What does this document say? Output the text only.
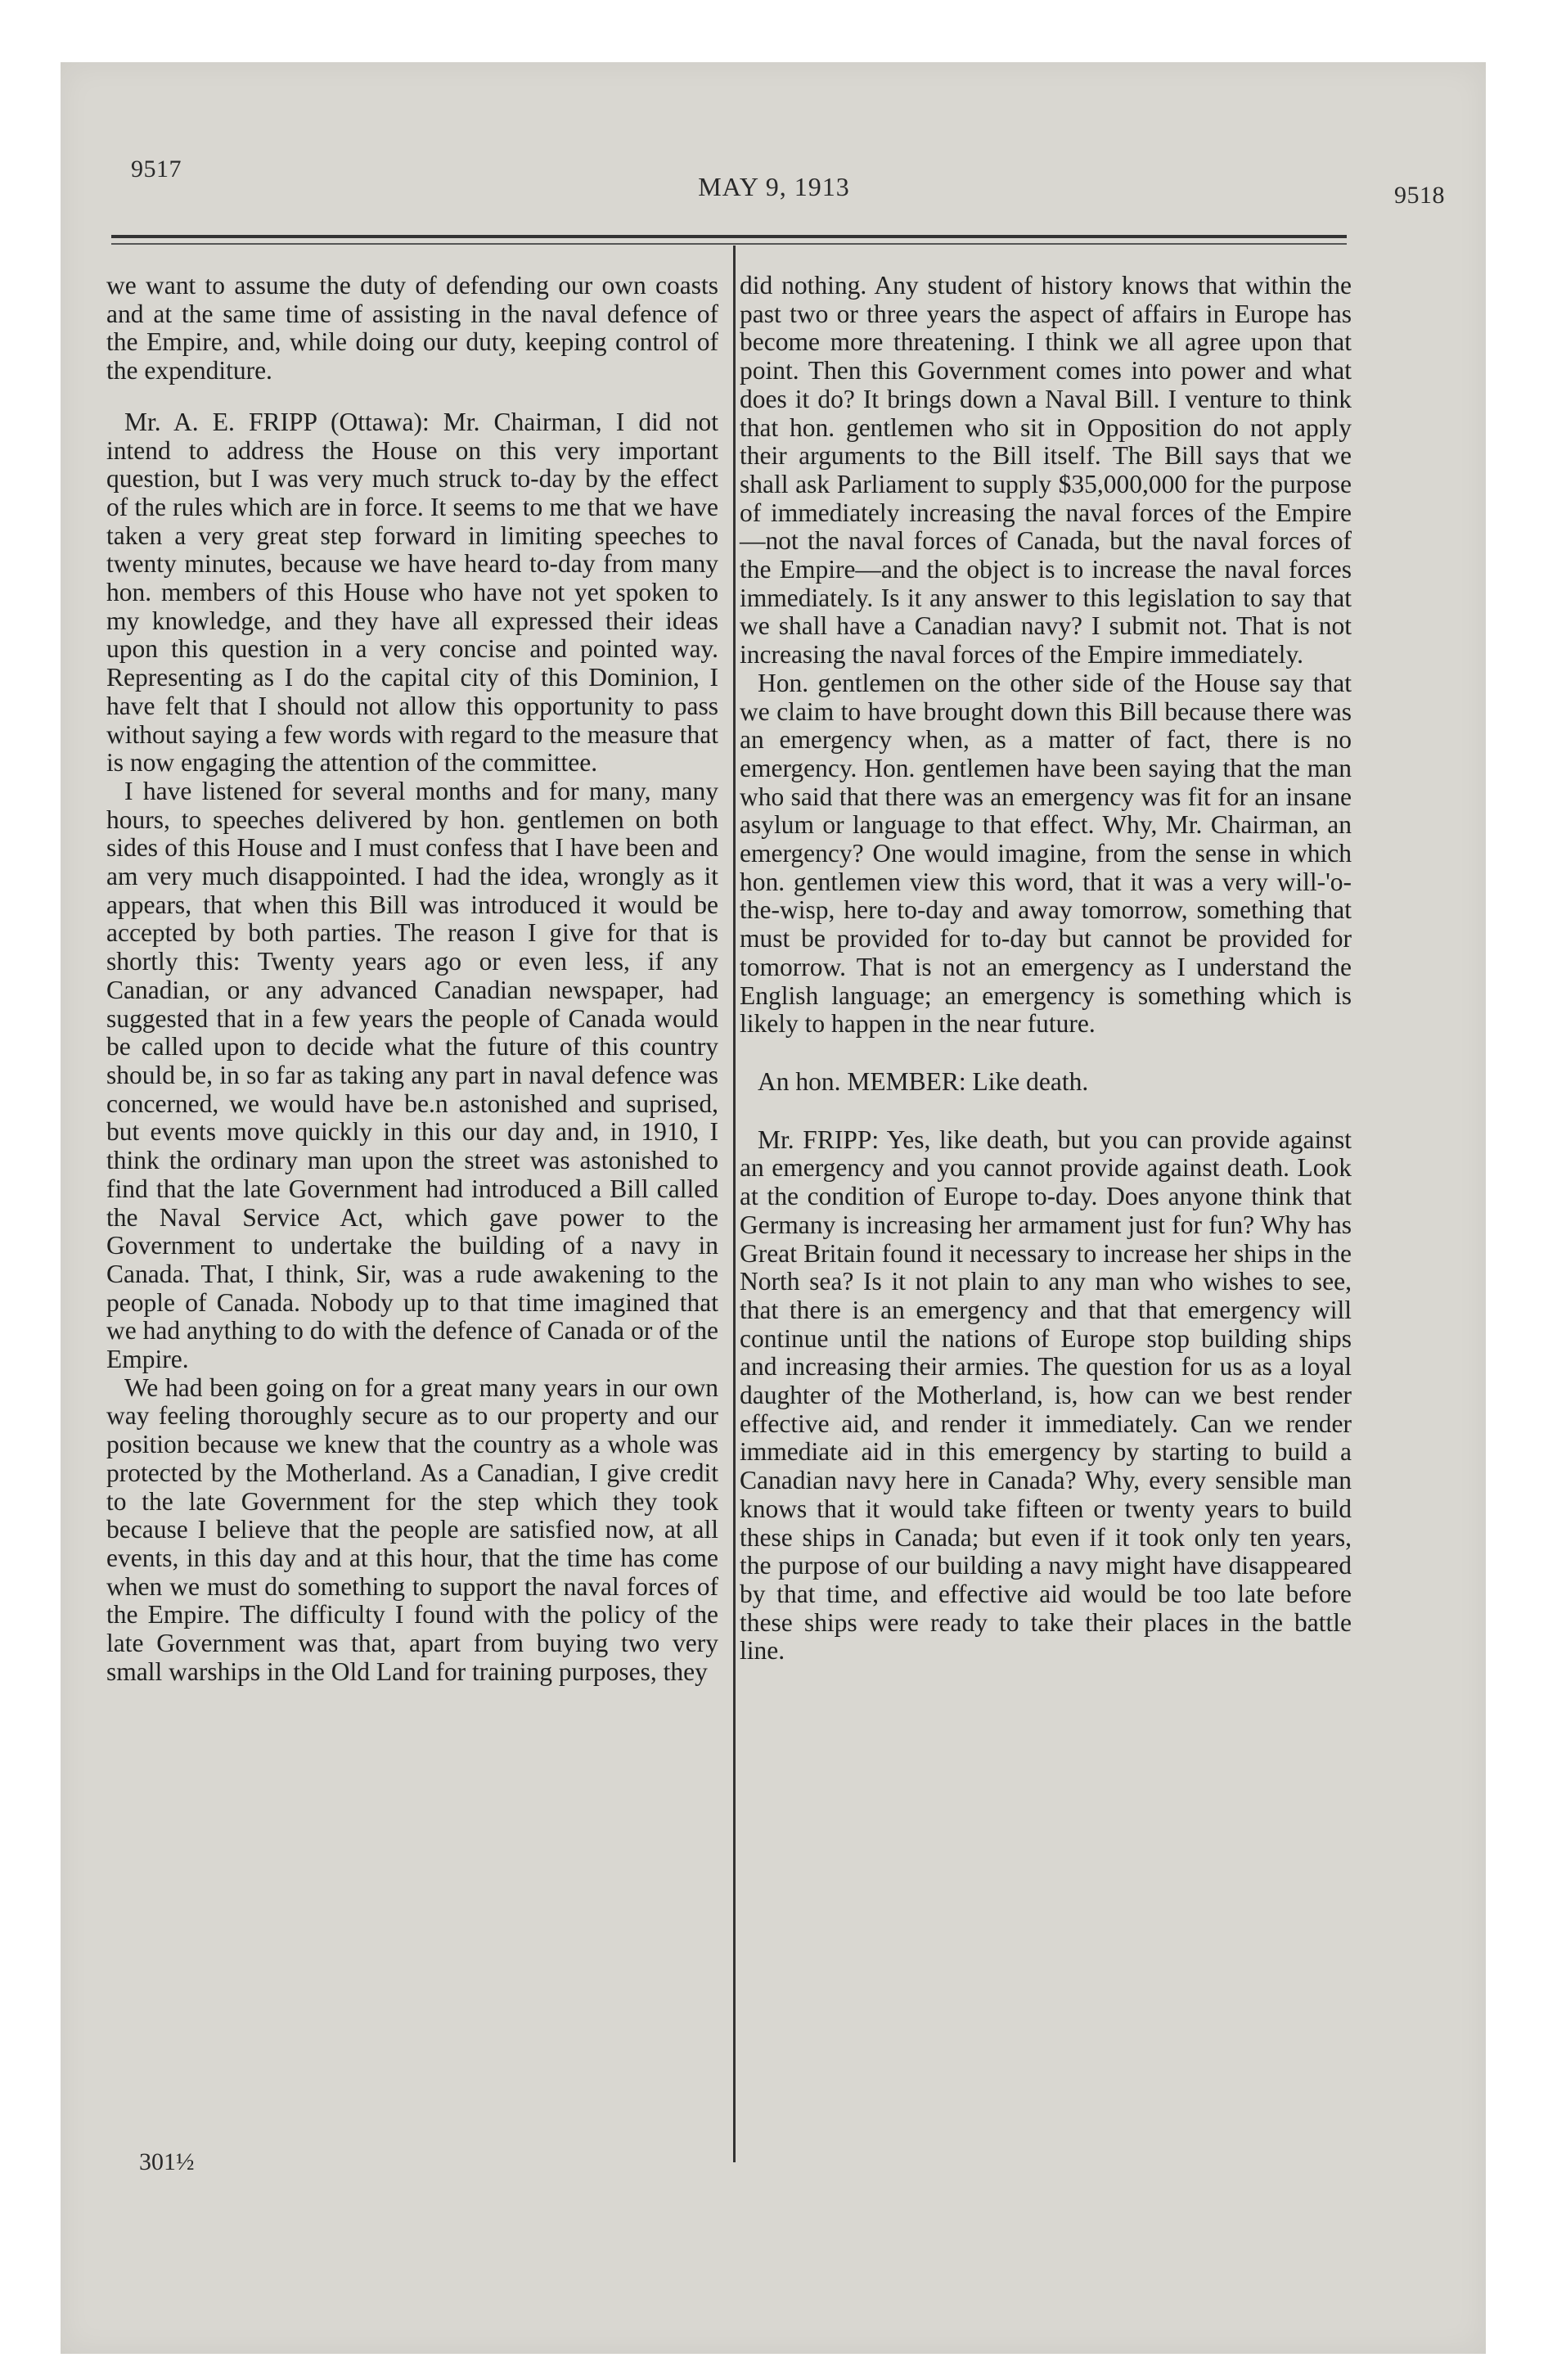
9517
MAY 9, 1913	9518

we want to assume the duty of defending our own coasts and at the same time of assisting in the naval defence of the Empire, and, while doing our duty, keeping control of the expenditure.

Mr. A. E. FRIPP (Ottawa): Mr. Chairman, I did not intend to address the House on this very important question, but I was very much struck to-day by the effect of the rules which are in force. It seems to me that we have taken a very great step forward in limiting speeches to twenty minutes, because we have heard to-day from many hon. members of this House who have not yet spoken to my knowledge, and they have all expressed their ideas upon this question in a very concise and pointed way. Representing as I do the capital city of this Dominion, I have felt that I should not allow this opportunity to pass without saying a few words with regard to the measure that is now engaging the attention of the committee.

I have listened for several months and for many, many hours, to speeches delivered by hon. gentlemen on both sides of this House and I must confess that I have been and am very much disappointed. I had the idea, wrongly as it appears, that when this Bill was introduced it would be accepted by both parties. The reason I give for that is shortly this: Twenty years ago or even less, if any Canadian, or any advanced Canadian newspaper, had suggested that in a few years the people of Canada would be called upon to decide what the future of this country should be, in so far as taking any part in naval defence was concerned, we would have be.n astonished and suprised, but events move quickly in this our day and, in 1910, I think the ordinary man upon the street was astonished to find that the late Government had introduced a Bill called the Naval Service Act, which gave power to the Government to undertake the building of a navy in Canada. That, I think, Sir, was a rude awakening to the people of Canada. Nobody up to that time imagined that we had anything to do with the defence of Canada or of the Empire.

We had been going on for a great many years in our own way feeling thoroughly secure as to our property and our position because we knew that the country as a whole was protected by the Motherland. As a Canadian, I give credit to the late Government for the step which they took because I believe that the people are satisfied now, at all events, in this day and at this hour, that the time has come when we must do something to support the naval forces of the Empire. The difficulty I found with the policy of the late Government was that, apart from buying two very small warships in the Old Land for training purposes, they

did nothing. Any student of history knows that within the past two or three years the aspect of affairs in Europe has become more threatening. I think we all agree upon that point. Then this Government comes into power and what does it do? It brings down a Naval Bill. I venture to think that hon. gentlemen who sit in Opposition do not apply their arguments to the Bill itself. The Bill says that we shall ask Parliament to supply $35,000,000 for the purpose of immediately increasing the naval forces of the Empire—not the naval forces of Canada, but the naval forces of the Empire—and the object is to increase the naval forces immediately. Is it any answer to this legislation to say that we shall have a Canadian navy? I submit not. That is not increasing the naval forces of the Empire immediately.

Hon. gentlemen on the other side of the House say that we claim to have brought down this Bill because there was an emergency when, as a matter of fact, there is no emergency. Hon. gentlemen have been saying that the man who said that there was an emergency was fit for an insane asylum or language to that effect. Why, Mr. Chairman, an emergency? One would imagine, from the sense in which hon. gentlemen view this word, that it was a very will-'o-the-wisp, here to-day and away tomorrow, something that must be provided for to-day but cannot be provided for tomorrow. That is not an emergency as I understand the English language; an emergency is something which is likely to happen in the near future.

An hon. MEMBER: Like death.

Mr. FRIPP: Yes, like death, but you can provide against an emergency and you cannot provide against death. Look at the condition of Europe to-day. Does anyone think that Germany is increasing her armament just for fun? Why has Great Britain found it necessary to increase her ships in the North sea? Is it not plain to any man who wishes to see, that there is an emergency and that that emergency will continue until the nations of Europe stop building ships and increasing their armies. The question for us as a loyal daughter of the Motherland, is, how can we best render effective aid, and render it immediately. Can we render immediate aid in this emergency by starting to build a Canadian navy here in Canada? Why, every sensible man knows that it would take fifteen or twenty years to build these ships in Canada; but even if it took only ten years, the purpose of our building a navy might have disappeared by that time, and effective aid would be too late before these ships were ready to take their places in the battle line.

301½
